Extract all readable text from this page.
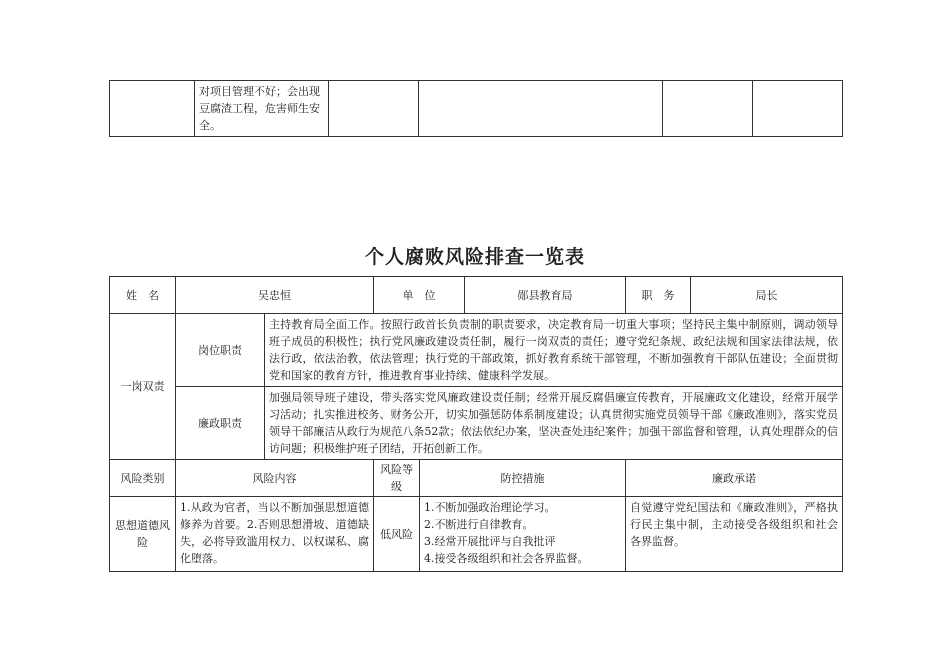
	对项目管理不好；会出现豆腐渣工程，危害师生安全。				
个人腐败风险排查一览表
姓　名	吴忠恒		单　位		郧县教育局	职　务 局长

一岗双责	岗位职责	主持教育局全面工作。按照行政首长负责制的职责要求，决定教育局一切重大事项；坚持民主集中制原则，调动领导班子成员的积极性；执行党风廉政建设责任制，履行一岗双责的责任；遵守党纪条规、政纪法规和国家法律法规，依法行政，依法治教，依法管理；执行党的干部政策，抓好教育系统干部管理，不断加强教育干部队伍建设；全面贯彻党和国家的教育方针，推进教育事业持续、健康科学发展。				
	廉政职责	加强局领导班子建设，带头落实党风廉政建设责任制；经常开展反腐倡廉宣传教育，开展廉政文化建设，经常开展学习活动；扎实推进校务、财务公开，切实加强惩防体系制度建设；认真贯彻实施党员领导干部《廉政准则》，落实党员领导干部廉洁从政行为规范八条52款；依法依纪办案，坚决查处违纪案件；加强干部监督和管理，认真处理群众的信访问题；积极维护班子团结，开拓创新工作。				
风险类别	风险内容		风险等级	防控措施		廉政承诺
思想道德风险	1.从政为官者，当以不断加强思想道德修养为首要。2.否则思想滑坡、道德缺失，必将导致滥用权力、以权谋私、腐化堕落。		低风险	1.不断加强政治理论学习。
2.不断进行自律教育。
3.经常开展批评与自我批评
4.接受各级组织和社会各界监督。		自觉遵守党纪国法和《廉政准则》，严格执行民主集中制，主动接受各级组织和社会各界监督。
